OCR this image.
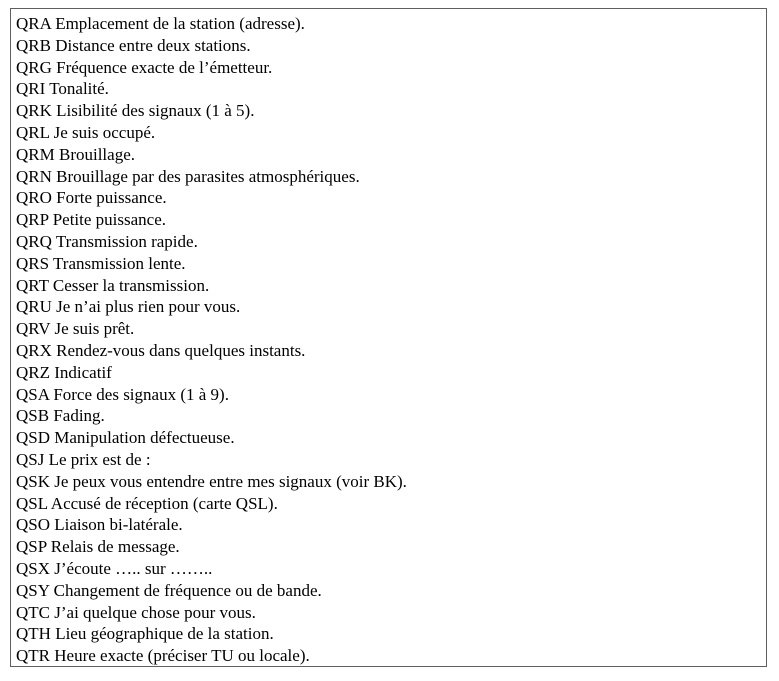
QRA Emplacement de la station (adresse).
QRB Distance entre deux stations.
QRG Fréquence exacte de l’émetteur.
QRI Tonalité.
QRK Lisibilité des signaux (1 à 5).
QRL Je suis occupé.
QRM Brouillage.
QRN Brouillage par des parasites atmosphériques.
QRO Forte puissance.
QRP Petite puissance.
QRQ Transmission rapide.
QRS Transmission lente.
QRT Cesser la transmission.
QRU Je n’ai plus rien pour vous.
QRV Je suis prêt.
QRX Rendez-vous dans quelques instants.
QRZ Indicatif
QSA Force des signaux (1 à 9).
QSB Fading.
QSD Manipulation défectueuse.
QSJ Le prix est de :
QSK Je peux vous entendre entre mes signaux (voir BK).
QSL Accusé de réception (carte QSL).
QSO Liaison bi-latérale.
QSP Relais de message.
QSX J’écoute ….. sur ……..
QSY Changement de fréquence ou de bande.
QTC J’ai quelque chose pour vous.
QTH Lieu géographique de la station.
QTR Heure exacte (préciser TU ou locale).
